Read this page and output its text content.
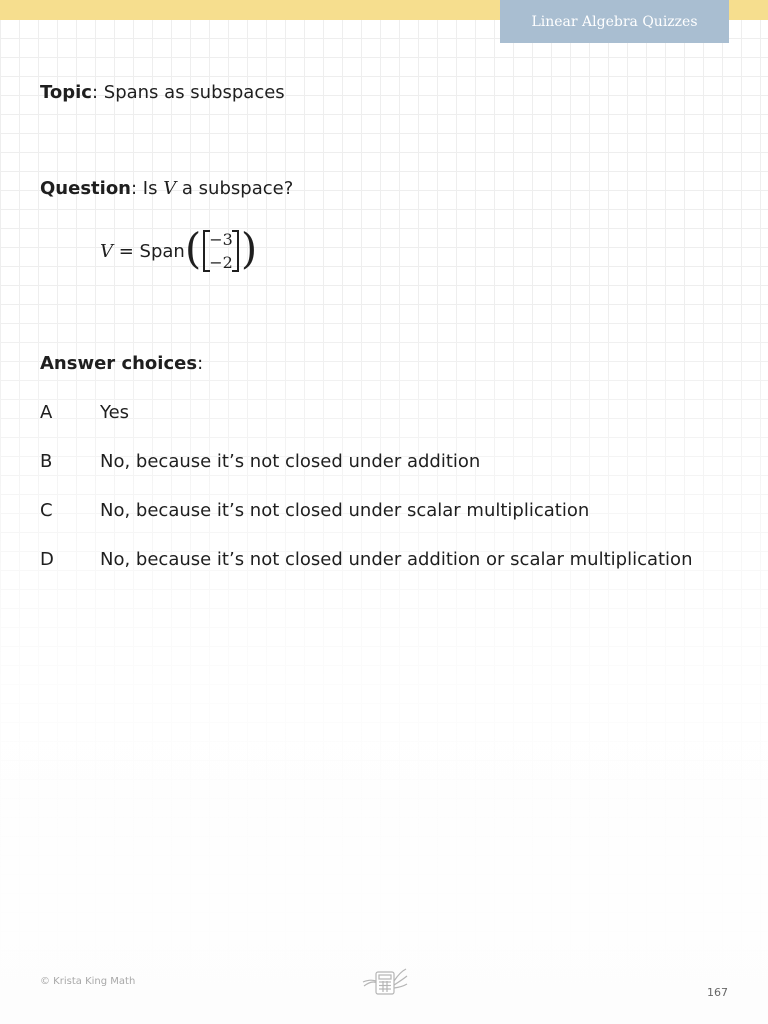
Linear Algebra Quizzes
Topic: Spans as subspaces
Question: Is V a subspace?
V = Span ( −3
−2 )
Answer choices:
A	Yes
B	No, because it’s not closed under addition
C	No, because it’s not closed under scalar multiplication
D	No, because it’s not closed under addition or scalar multiplication
© Krista King Math
167
